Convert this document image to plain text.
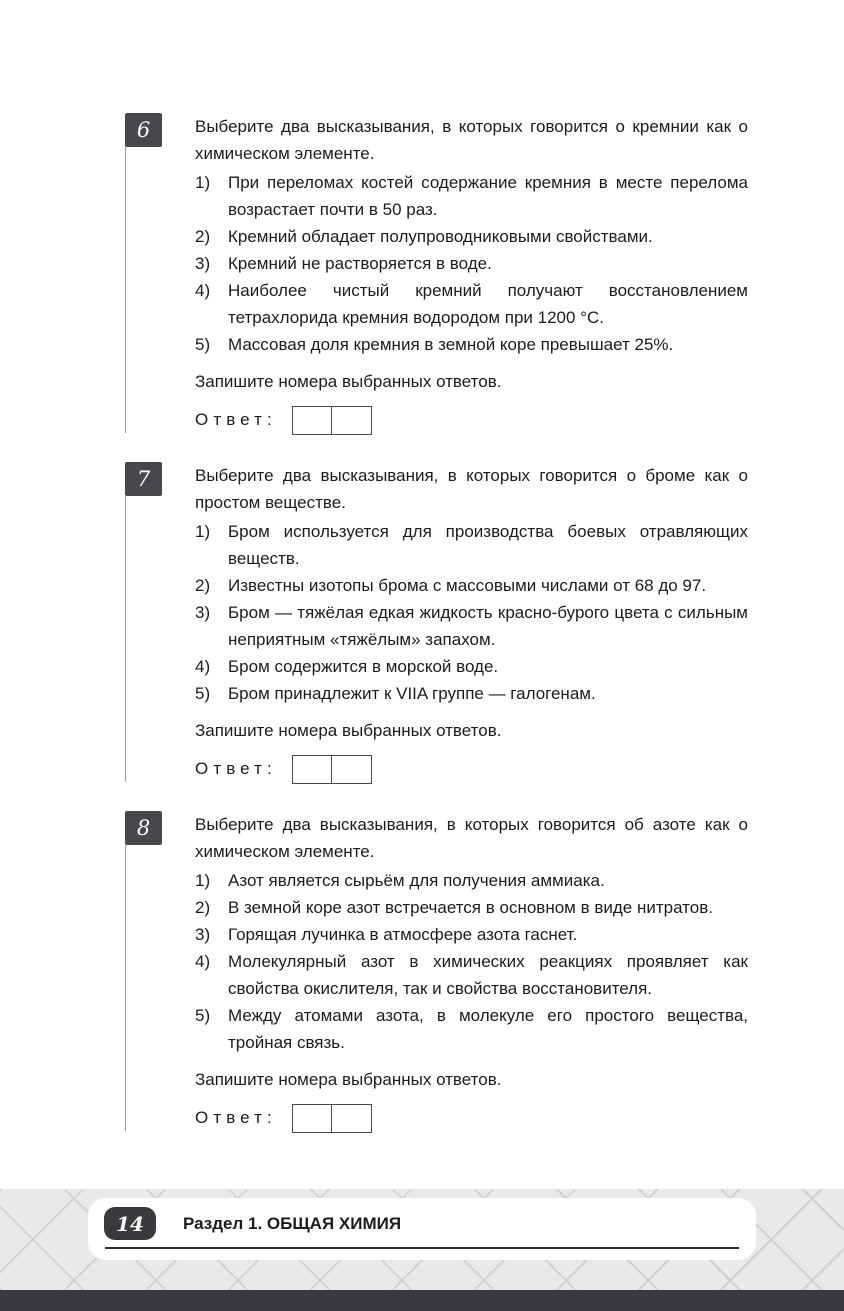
6	Выберите два высказывания, в которых говорится о кремнии как о химическом элементе.

1)	При переломах костей содержание кремния в месте перелома возрастает почти в 50 раз.
2)	Кремний обладает полупроводниковыми свойствами.
3)	Кремний не растворяется в воде.
4)	Наиболее чистый кремний получают восстановлением тетрахлорида кремния водородом при 1200 °С.
5)	Массовая доля кремния в земной коре превышает 25%.

Запишите номера выбранных ответов.

Ответ:
7	Выберите два высказывания, в которых говорится о броме как о простом веществе.

1)	Бром используется для производства боевых отравляющих веществ.
2)	Известны изотопы брома с массовыми числами от 68 до 97.
3)	Бром — тяжёлая едкая жидкость красно-бурого цвета с сильным неприятным «тяжёлым» запахом.
4)	Бром содержится в морской воде.
5)	Бром принадлежит к VIIA группе — галогенам.

Запишите номера выбранных ответов.

Ответ:
8	Выберите два высказывания, в которых говорится об азоте как о химическом элементе.

1)	Азот является сырьём для получения аммиака.
2)	В земной коре азот встречается в основном в виде нитратов.
3)	Горящая лучинка в атмосфере азота гаснет.
4)	Молекулярный азот в химических реакциях проявляет как свойства окислителя, так и свойства восстановителя.
5)	Между атомами азота, в молекуле его простого вещества, тройная связь.

Запишите номера выбранных ответов.

Ответ:
14 Раздел 1. ОБЩАЯ ХИМИЯ
